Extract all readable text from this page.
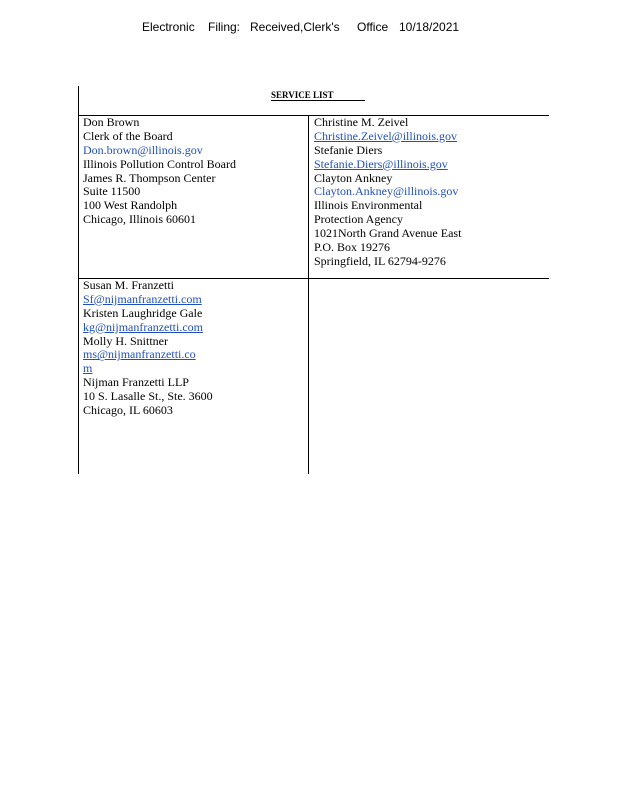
Electronic Filing: Received,Clerk's Office 10/18/2021
SERVICE LIST
Don Brown
Clerk of the Board
Don.brown@illinois.gov
Illinois Pollution Control Board
James R. Thompson Center
Suite 11500
100 West Randolph
Chicago, Illinois 60601
Christine M. Zeivel
Christine.Zeivel@illinois.gov
Stefanie Diers
Stefanie.Diers@illinois.gov
Clayton Ankney
Clayton.Ankney@illinois.gov
Illinois Environmental
Protection Agency
1021North Grand Avenue East
P.O. Box 19276
Springfield, IL 62794-9276
Susan M. Franzetti
Sf@nijmanfranzetti.com
Kristen Laughridge Gale
kg@nijmanfranzetti.com
Molly H. Snittner
ms@nijmanfranzetti.co
m
Nijman Franzetti LLP
10 S. Lasalle St., Ste. 3600
Chicago, IL 60603
